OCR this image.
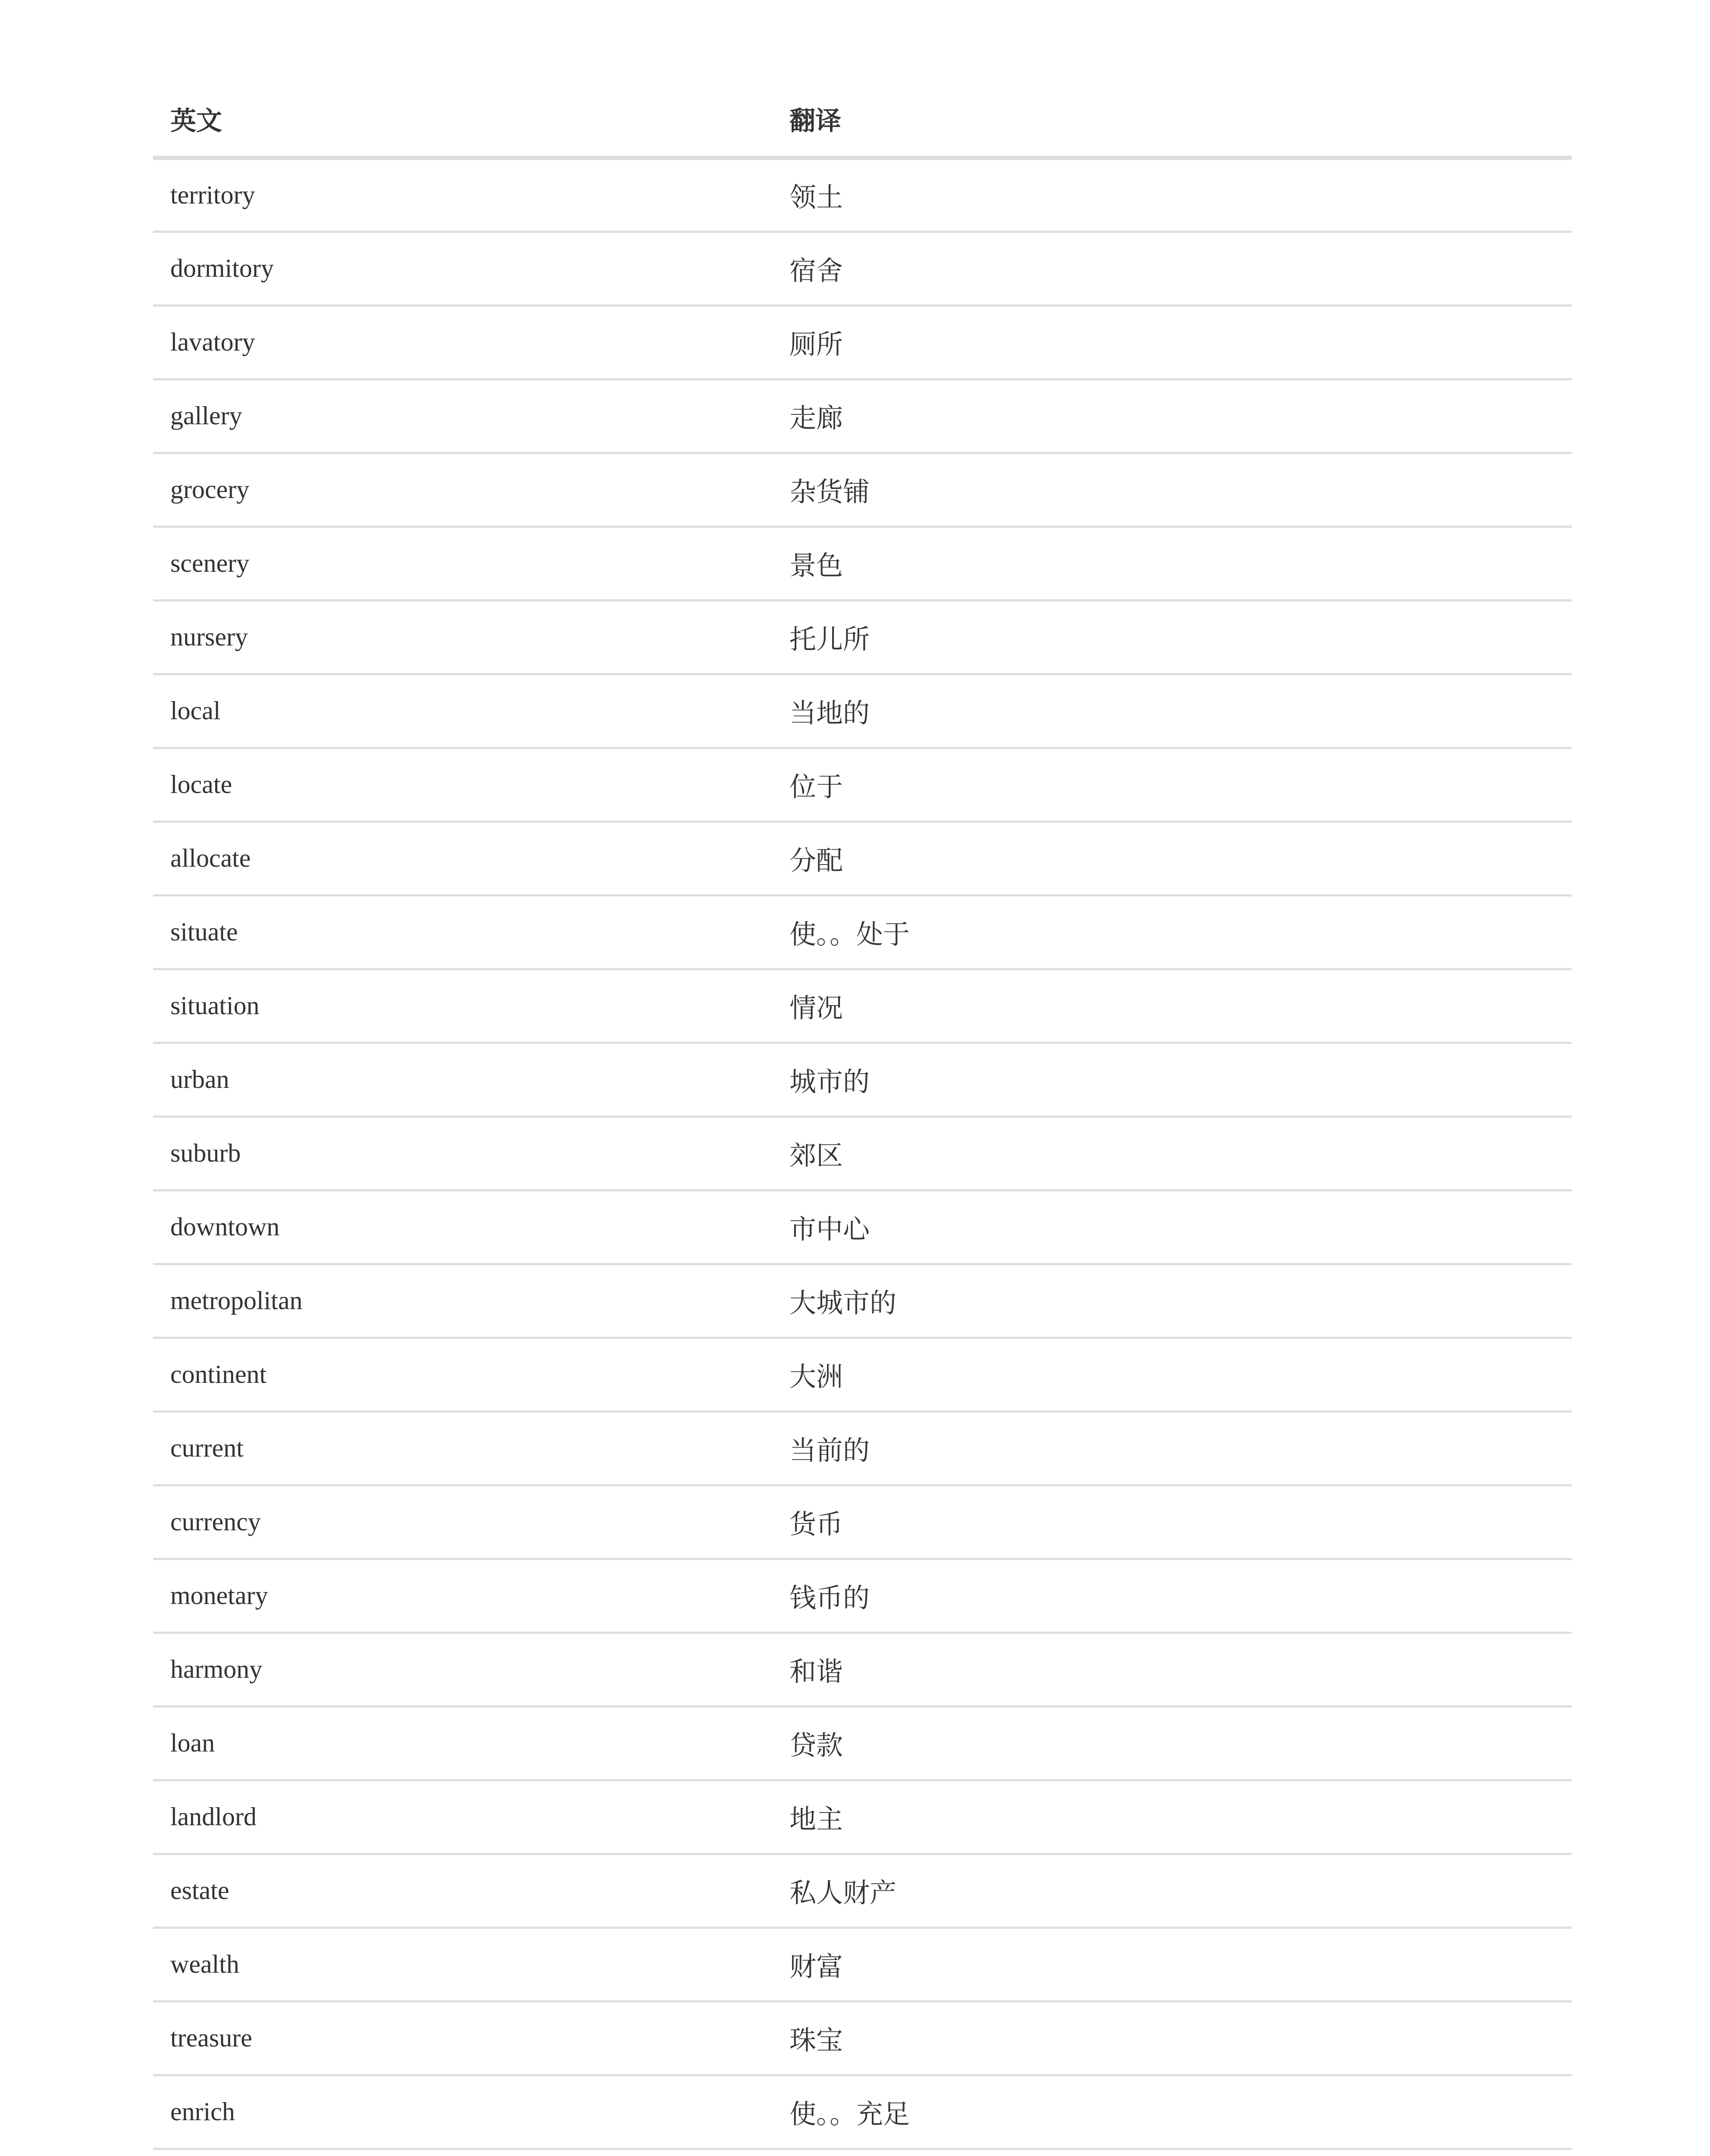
英文	翻译
territory	领土
dormitory	宿舍
lavatory	厕所
gallery	走廊
grocery	杂货铺
scenery	景色
nursery	托儿所
local	当地的
locate	位于
allocate	分配
situate	使。。处于
situation	情况
urban	城市的
suburb	郊区
downtown	市中心
metropolitan	大城市的
continent	大洲
current	当前的
currency	货币
monetary	钱币的
harmony	和谐
loan	贷款
landlord	地主
estate	私人财产
wealth	财富
treasure	珠宝
enrich	使。。充足
